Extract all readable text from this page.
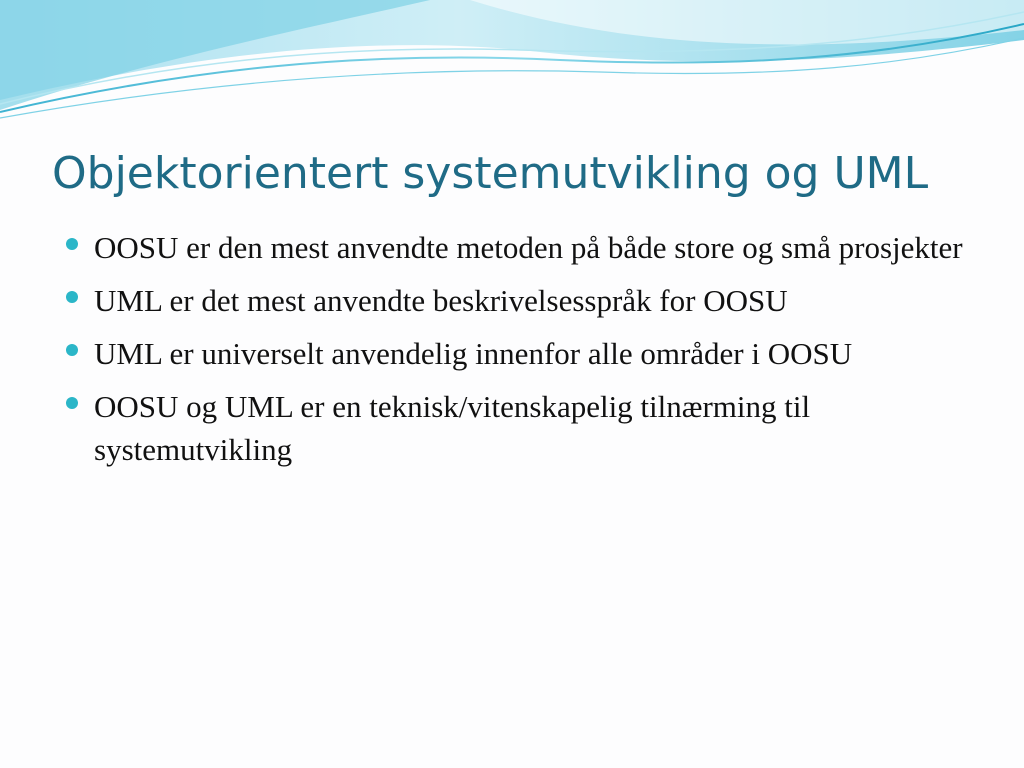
Objektorientert systemutvikling og UML
OOSU er den mest anvendte metoden på både store og små prosjekter
UML er det mest anvendte beskrivelsesspråk for OOSU
UML er universelt anvendelig innenfor alle områder i OOSU
OOSU og UML er en teknisk/vitenskapelig tilnærming til systemutvikling
